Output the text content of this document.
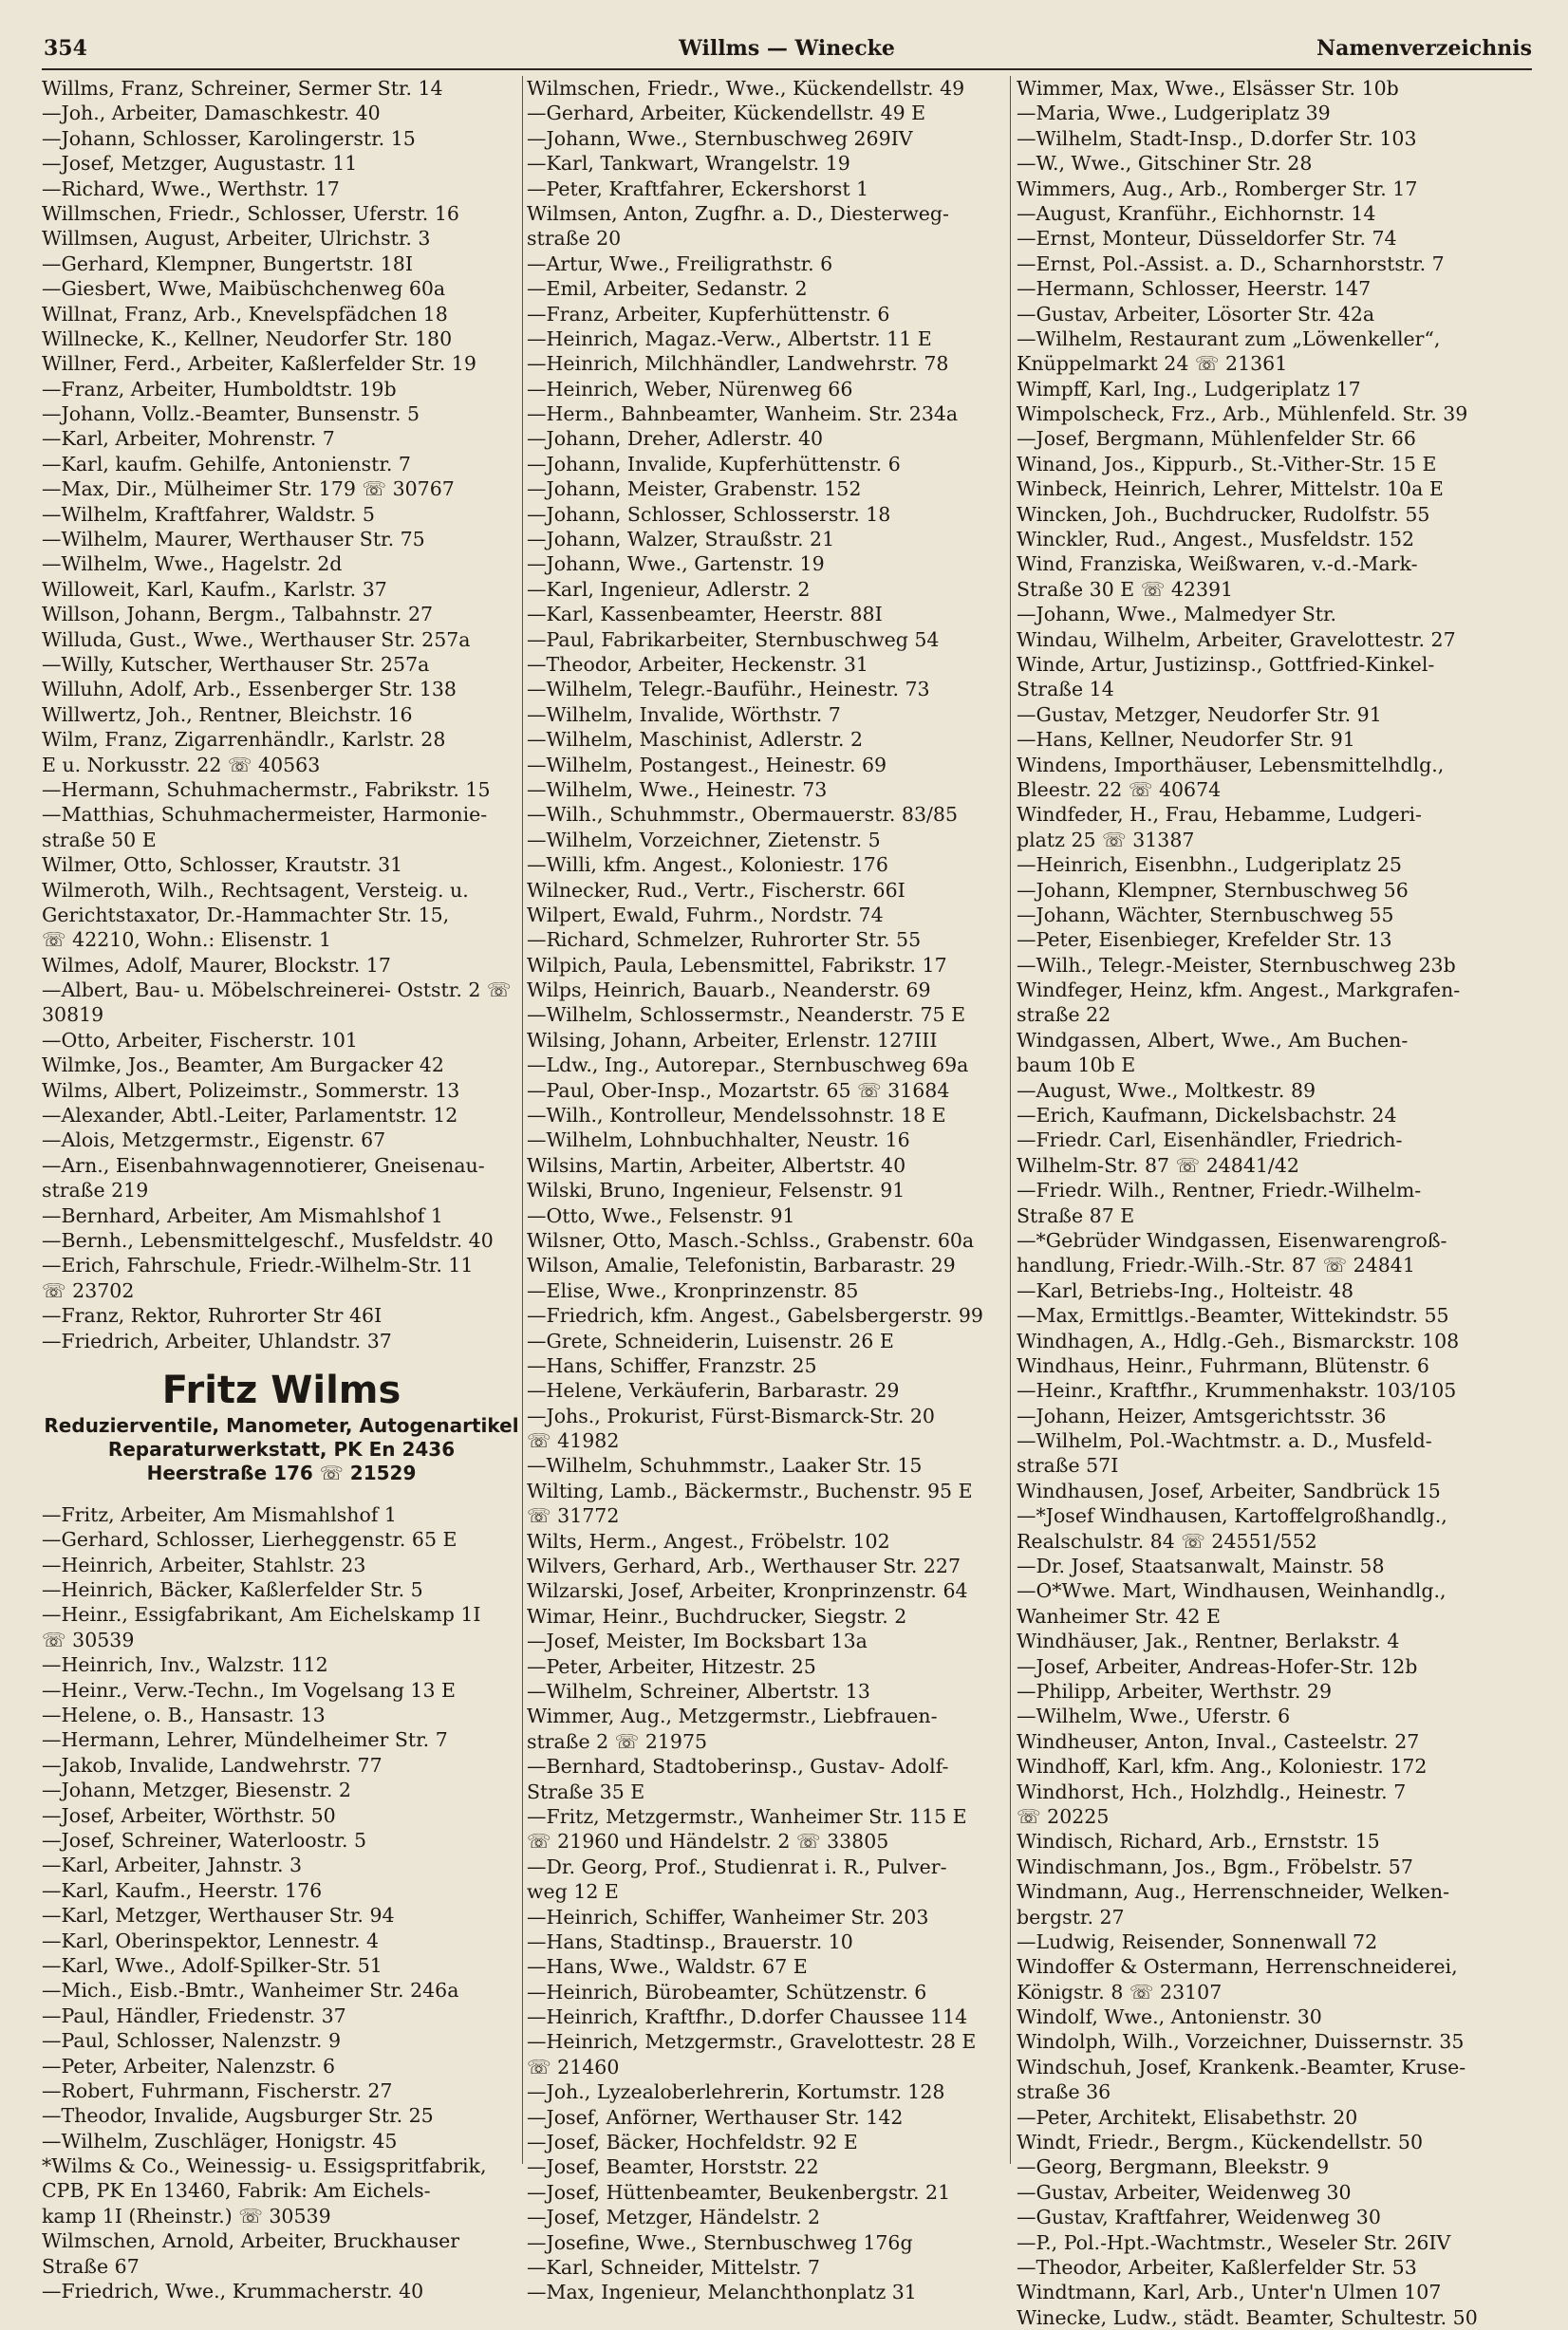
354	Willms — Winecke	Namenverzeichnis
Willms, Franz, Schreiner, Sermer Str. 14
—Joh., Arbeiter, Damaschkestr. 40
—Johann, Schlosser, Karolingerstr. 15
—Josef, Metzger, Augustastr. 11
—Richard, Wwe., Werthstr. 17
Willmschen, Friedr., Schlosser, Uferstr. 16
Willmsen, August, Arbeiter, Ulrichstr. 3
—Gerhard, Klempner, Bungertstr. 18I
—Giesbert, Wwe, Maibüschchenweg 60a
Willnat, Franz, Arb., Knevelspfädchen 18
Willnecke, K., Kellner, Neudorfer Str. 180
Willner, Ferd., Arbeiter, Kaßlerfelder Str. 19
—Franz, Arbeiter, Humboldtstr. 19b
—Johann, Vollz.-Beamter, Bunsenstr. 5
—Karl, Arbeiter, Mohrenstr. 7
—Karl, kaufm. Gehilfe, Antonienstr. 7
—Max, Dir., Mülheimer Str. 179 ☏ 30767
—Wilhelm, Kraftfahrer, Waldstr. 5
—Wilhelm, Maurer, Werthauser Str. 75
—Wilhelm, Wwe., Hagelstr. 2d
Willoweit, Karl, Kaufm., Karlstr. 37
Willson, Johann, Bergm., Talbahnstr. 27
Willuda, Gust., Wwe., Werthauser Str. 257a
—Willy, Kutscher, Werthauser Str. 257a
Willuhn, Adolf, Arb., Essenberger Str. 138
Willwertz, Joh., Rentner, Bleichstr. 16
Wilm, Franz, Zigarrenhändlr., Karlstr. 28
E u. Norkusstr. 22 ☏ 40563
—Hermann, Schuhmachermstr., Fabrikstr. 15
—Matthias, Schuhmachermeister, Harmonie-
straße 50 E
Wilmer, Otto, Schlosser, Krautstr. 31
Wilmeroth, Wilh., Rechtsagent, Versteig. u.
Gerichtstaxator, Dr.-Hammachter Str. 15,
☏ 42210, Wohn.: Elisenstr. 1
Wilmes, Adolf, Maurer, Blockstr. 17
—Albert, Bau- u. Möbelschreinerei- Oststr. 2 ☏
30819
—Otto, Arbeiter, Fischerstr. 101
Wilmke, Jos., Beamter, Am Burgacker 42
Wilms, Albert, Polizeimstr., Sommerstr. 13
—Alexander, Abtl.-Leiter, Parlamentstr. 12
—Alois, Metzgermstr., Eigenstr. 67
—Arn., Eisenbahnwagennotierer, Gneisenau-
straße 219
—Bernhard, Arbeiter, Am Mismahlshof 1
—Bernh., Lebensmittelgeschf., Musfeldstr. 40
—Erich, Fahrschule, Friedr.-Wilhelm-Str. 11
☏ 23702
—Franz, Rektor, Ruhrorter Str 46I
—Friedrich, Arbeiter, Uhlandstr. 37
Fritz Wilms
Reduzierventile, Manometer, Autogenartikel
Reparaturwerkstatt, PK En 2436
Heerstraße 176 ☏ 21529
—Fritz, Arbeiter, Am Mismahlshof 1
—Gerhard, Schlosser, Lierheggenstr. 65 E
—Heinrich, Arbeiter, Stahlstr. 23
—Heinrich, Bäcker, Kaßlerfelder Str. 5
—Heinr., Essigfabrikant, Am Eichelskamp 1I
☏ 30539
—Heinrich, Inv., Walzstr. 112
—Heinr., Verw.-Techn., Im Vogelsang 13 E
—Helene, o. B., Hansastr. 13
—Hermann, Lehrer, Mündelheimer Str. 7
—Jakob, Invalide, Landwehrstr. 77
—Johann, Metzger, Biesenstr. 2
—Josef, Arbeiter, Wörthstr. 50
—Josef, Schreiner, Waterloostr. 5
—Karl, Arbeiter, Jahnstr. 3
—Karl, Kaufm., Heerstr. 176
—Karl, Metzger, Werthauser Str. 94
—Karl, Oberinspektor, Lennestr. 4
—Karl, Wwe., Adolf-Spilker-Str. 51
—Mich., Eisb.-Bmtr., Wanheimer Str. 246a
—Paul, Händler, Friedenstr. 37
—Paul, Schlosser, Nalenzstr. 9
—Peter, Arbeiter, Nalenzstr. 6
—Robert, Fuhrmann, Fischerstr. 27
—Theodor, Invalide, Augsburger Str. 25
—Wilhelm, Zuschläger, Honigstr. 45
*Wilms & Co., Weinessig- u. Essigspritfabrik,
CPB, PK En 13460, Fabrik: Am Eichels-
kamp 1I (Rheinstr.) ☏ 30539
Wilmschen, Arnold, Arbeiter, Bruckhauser
Straße 67
—Friedrich, Wwe., Krummacherstr. 40
Wilmschen, Friedr., Wwe., Kückendellstr. 49
—Gerhard, Arbeiter, Kückendellstr. 49 E
—Johann, Wwe., Sternbuschweg 269IV
—Karl, Tankwart, Wrangelstr. 19
—Peter, Kraftfahrer, Eckershorst 1
Wilmsen, Anton, Zugfhr. a. D., Diesterweg-
straße 20
—Artur, Wwe., Freiligrathstr. 6
—Emil, Arbeiter, Sedanstr. 2
—Franz, Arbeiter, Kupferhüttenstr. 6
—Heinrich, Magaz.-Verw., Albertstr. 11 E
—Heinrich, Milchhändler, Landwehrstr. 78
—Heinrich, Weber, Nürenweg 66
—Herm., Bahnbeamter, Wanheim. Str. 234a
—Johann, Dreher, Adlerstr. 40
—Johann, Invalide, Kupferhüttenstr. 6
—Johann, Meister, Grabenstr. 152
—Johann, Schlosser, Schlosserstr. 18
—Johann, Walzer, Straußstr. 21
—Johann, Wwe., Gartenstr. 19
—Karl, Ingenieur, Adlerstr. 2
—Karl, Kassenbeamter, Heerstr. 88I
—Paul, Fabrikarbeiter, Sternbuschweg 54
—Theodor, Arbeiter, Heckenstr. 31
—Wilhelm, Telegr.-Bauführ., Heinestr. 73
—Wilhelm, Invalide, Wörthstr. 7
—Wilhelm, Maschinist, Adlerstr. 2
—Wilhelm, Postangest., Heinestr. 69
—Wilhelm, Wwe., Heinestr. 73
—Wilh., Schuhmmstr., Obermauerstr. 83/85
—Wilhelm, Vorzeichner, Zietenstr. 5
—Willi, kfm. Angest., Koloniestr. 176
Wilnecker, Rud., Vertr., Fischerstr. 66I
Wilpert, Ewald, Fuhrm., Nordstr. 74
—Richard, Schmelzer, Ruhrorter Str. 55
Wilpich, Paula, Lebensmittel, Fabrikstr. 17
Wilps, Heinrich, Bauarb., Neanderstr. 69
—Wilhelm, Schlossermstr., Neanderstr. 75 E
Wilsing, Johann, Arbeiter, Erlenstr. 127III
—Ldw., Ing., Autorepar., Sternbuschweg 69a
—Paul, Ober-Insp., Mozartstr. 65 ☏ 31684
—Wilh., Kontrolleur, Mendelssohnstr. 18 E
—Wilhelm, Lohnbuchhalter, Neustr. 16
Wilsins, Martin, Arbeiter, Albertstr. 40
Wilski, Bruno, Ingenieur, Felsenstr. 91
—Otto, Wwe., Felsenstr. 91
Wilsner, Otto, Masch.-Schlss., Grabenstr. 60a
Wilson, Amalie, Telefonistin, Barbarastr. 29
—Elise, Wwe., Kronprinzenstr. 85
—Friedrich, kfm. Angest., Gabelsbergerstr. 99
—Grete, Schneiderin, Luisenstr. 26 E
—Hans, Schiffer, Franzstr. 25
—Helene, Verkäuferin, Barbarastr. 29
—Johs., Prokurist, Fürst-Bismarck-Str. 20
☏ 41982
—Wilhelm, Schuhmmstr., Laaker Str. 15
Wilting, Lamb., Bäckermstr., Buchenstr. 95 E
☏ 31772
Wilts, Herm., Angest., Fröbelstr. 102
Wilvers, Gerhard, Arb., Werthauser Str. 227
Wilzarski, Josef, Arbeiter, Kronprinzenstr. 64
Wimar, Heinr., Buchdrucker, Siegstr. 2
—Josef, Meister, Im Bocksbart 13a
—Peter, Arbeiter, Hitzestr. 25
—Wilhelm, Schreiner, Albertstr. 13
Wimmer, Aug., Metzgermstr., Liebfrauen-
straße 2 ☏ 21975
—Bernhard, Stadtoberinsp., Gustav- Adolf-
Straße 35 E
—Fritz, Metzgermstr., Wanheimer Str. 115 E
☏ 21960 und Händelstr. 2 ☏ 33805
—Dr. Georg, Prof., Studienrat i. R., Pulver-
weg 12 E
—Heinrich, Schiffer, Wanheimer Str. 203
—Hans, Stadtinsp., Brauerstr. 10
—Hans, Wwe., Waldstr. 67 E
—Heinrich, Bürobeamter, Schützenstr. 6
—Heinrich, Kraftfhr., D.dorfer Chaussee 114
—Heinrich, Metzgermstr., Gravelottestr. 28 E
☏ 21460
—Joh., Lyzealoberlehrerin, Kortumstr. 128
—Josef, Anförner, Werthauser Str. 142
—Josef, Bäcker, Hochfeldstr. 92 E
—Josef, Beamter, Horststr. 22
—Josef, Hüttenbeamter, Beukenbergstr. 21
—Josef, Metzger, Händelstr. 2
—Josefine, Wwe., Sternbuschweg 176g
—Karl, Schneider, Mittelstr. 7
—Max, Ingenieur, Melanchthonplatz 31
Wimmer, Max, Wwe., Elsässer Str. 10b
—Maria, Wwe., Ludgeriplatz 39
—Wilhelm, Stadt-Insp., D.dorfer Str. 103
—W., Wwe., Gitschiner Str. 28
Wimmers, Aug., Arb., Romberger Str. 17
—August, Kranführ., Eichhornstr. 14
—Ernst, Monteur, Düsseldorfer Str. 74
—Ernst, Pol.-Assist. a. D., Scharnhorststr. 7
—Hermann, Schlosser, Heerstr. 147
—Gustav, Arbeiter, Lösorter Str. 42a
—Wilhelm, Restaurant zum „Löwenkeller“,
Knüppelmarkt 24 ☏ 21361
Wimpff, Karl, Ing., Ludgeriplatz 17
Wimpolscheck, Frz., Arb., Mühlenfeld. Str. 39
—Josef, Bergmann, Mühlenfelder Str. 66
Winand, Jos., Kippurb., St.-Vither-Str. 15 E
Winbeck, Heinrich, Lehrer, Mittelstr. 10a E
Wincken, Joh., Buchdrucker, Rudolfstr. 55
Winckler, Rud., Angest., Musfeldstr. 152
Wind, Franziska, Weißwaren, v.-d.-Mark-
Straße 30 E ☏ 42391
—Johann, Wwe., Malmedyer Str.
Windau, Wilhelm, Arbeiter, Gravelottestr. 27
Winde, Artur, Justizinsp., Gottfried-Kinkel-
Straße 14
—Gustav, Metzger, Neudorfer Str. 91
—Hans, Kellner, Neudorfer Str. 91
Windens, Importhäuser, Lebensmittelhdlg.,
Bleestr. 22 ☏ 40674
Windfeder, H., Frau, Hebamme, Ludgeri-
platz 25 ☏ 31387
—Heinrich, Eisenbhn., Ludgeriplatz 25
—Johann, Klempner, Sternbuschweg 56
—Johann, Wächter, Sternbuschweg 55
—Peter, Eisenbieger, Krefelder Str. 13
—Wilh., Telegr.-Meister, Sternbuschweg 23b
Windfeger, Heinz, kfm. Angest., Markgrafen-
straße 22
Windgassen, Albert, Wwe., Am Buchen-
baum 10b E
—August, Wwe., Moltkestr. 89
—Erich, Kaufmann, Dickelsbachstr. 24
—Friedr. Carl, Eisenhändler, Friedrich-
Wilhelm-Str. 87 ☏ 24841/42
—Friedr. Wilh., Rentner, Friedr.-Wilhelm-
Straße 87 E
—*Gebrüder Windgassen, Eisenwarengroß-
handlung, Friedr.-Wilh.-Str. 87 ☏ 24841
—Karl, Betriebs-Ing., Holteistr. 48
—Max, Ermittlgs.-Beamter, Wittekindstr. 55
Windhagen, A., Hdlg.-Geh., Bismarckstr. 108
Windhaus, Heinr., Fuhrmann, Blütenstr. 6
—Heinr., Kraftfhr., Krummenhakstr. 103/105
—Johann, Heizer, Amtsgerichtsstr. 36
—Wilhelm, Pol.-Wachtmstr. a. D., Musfeld-
straße 57I
Windhausen, Josef, Arbeiter, Sandbrück 15
—*Josef Windhausen, Kartoffelgroßhandlg.,
Realschulstr. 84 ☏ 24551/552
—Dr. Josef, Staatsanwalt, Mainstr. 58
—O*Wwe. Mart, Windhausen, Weinhandlg.,
Wanheimer Str. 42 E
Windhäuser, Jak., Rentner, Berlakstr. 4
—Josef, Arbeiter, Andreas-Hofer-Str. 12b
—Philipp, Arbeiter, Werthstr. 29
—Wilhelm, Wwe., Uferstr. 6
Windheuser, Anton, Inval., Casteelstr. 27
Windhoff, Karl, kfm. Ang., Koloniestr. 172
Windhorst, Hch., Holzhdlg., Heinestr. 7
☏ 20225
Windisch, Richard, Arb., Ernststr. 15
Windischmann, Jos., Bgm., Fröbelstr. 57
Windmann, Aug., Herrenschneider, Welken-
bergstr. 27
—Ludwig, Reisender, Sonnenwall 72
Windoffer & Ostermann, Herrenschneiderei,
Königstr. 8 ☏ 23107
Windolf, Wwe., Antonienstr. 30
Windolph, Wilh., Vorzeichner, Duissernstr. 35
Windschuh, Josef, Krankenk.-Beamter, Kruse-
straße 36
—Peter, Architekt, Elisabethstr. 20
Windt, Friedr., Bergm., Kückendellstr. 50
—Georg, Bergmann, Bleekstr. 9
—Gustav, Arbeiter, Weidenweg 30
—Gustav, Kraftfahrer, Weidenweg 30
—P., Pol.-Hpt.-Wachtmstr., Weseler Str. 26IV
—Theodor, Arbeiter, Kaßlerfelder Str. 53
Windtmann, Karl, Arb., Unter'n Ulmen 107
Winecke, Ludw., städt. Beamter, Schultestr. 50
